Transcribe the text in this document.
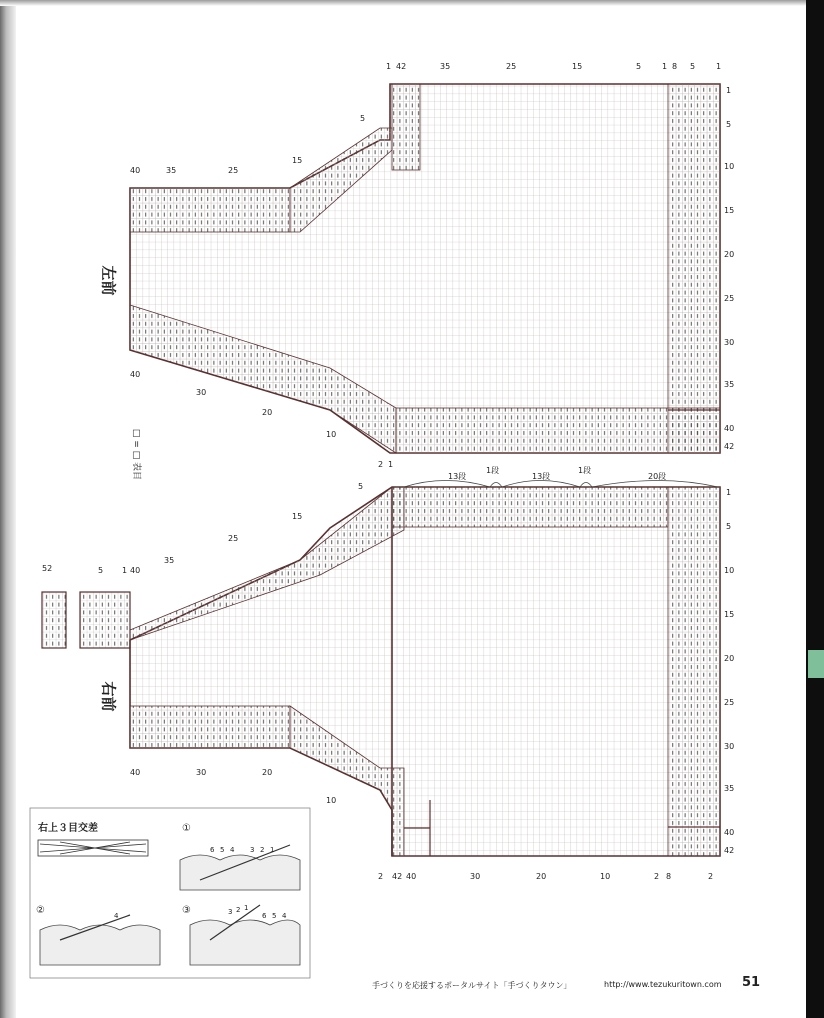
左前
右前
1 42	35	25	15	5	1 8 5	1
1
5
10
15
20
25
30
35
40
42
40	35	25
15
5
40
30
20
10
2 1
□ = □ 表目
52	5 1 40
35
25
15
5
13段
1段
13段
1段
20段
1
5
10
15
20
25
30
35
40
42
40	30	20
10
2 42 40	30	20	10	2 8	2
右上３目交差	①
②	③
6 5 4 3 2 1
4	3 2 1
6 5 4
手づくりを応援するポータルサイト「手づくりタウン」	http://www.tezukuritown.com 51
